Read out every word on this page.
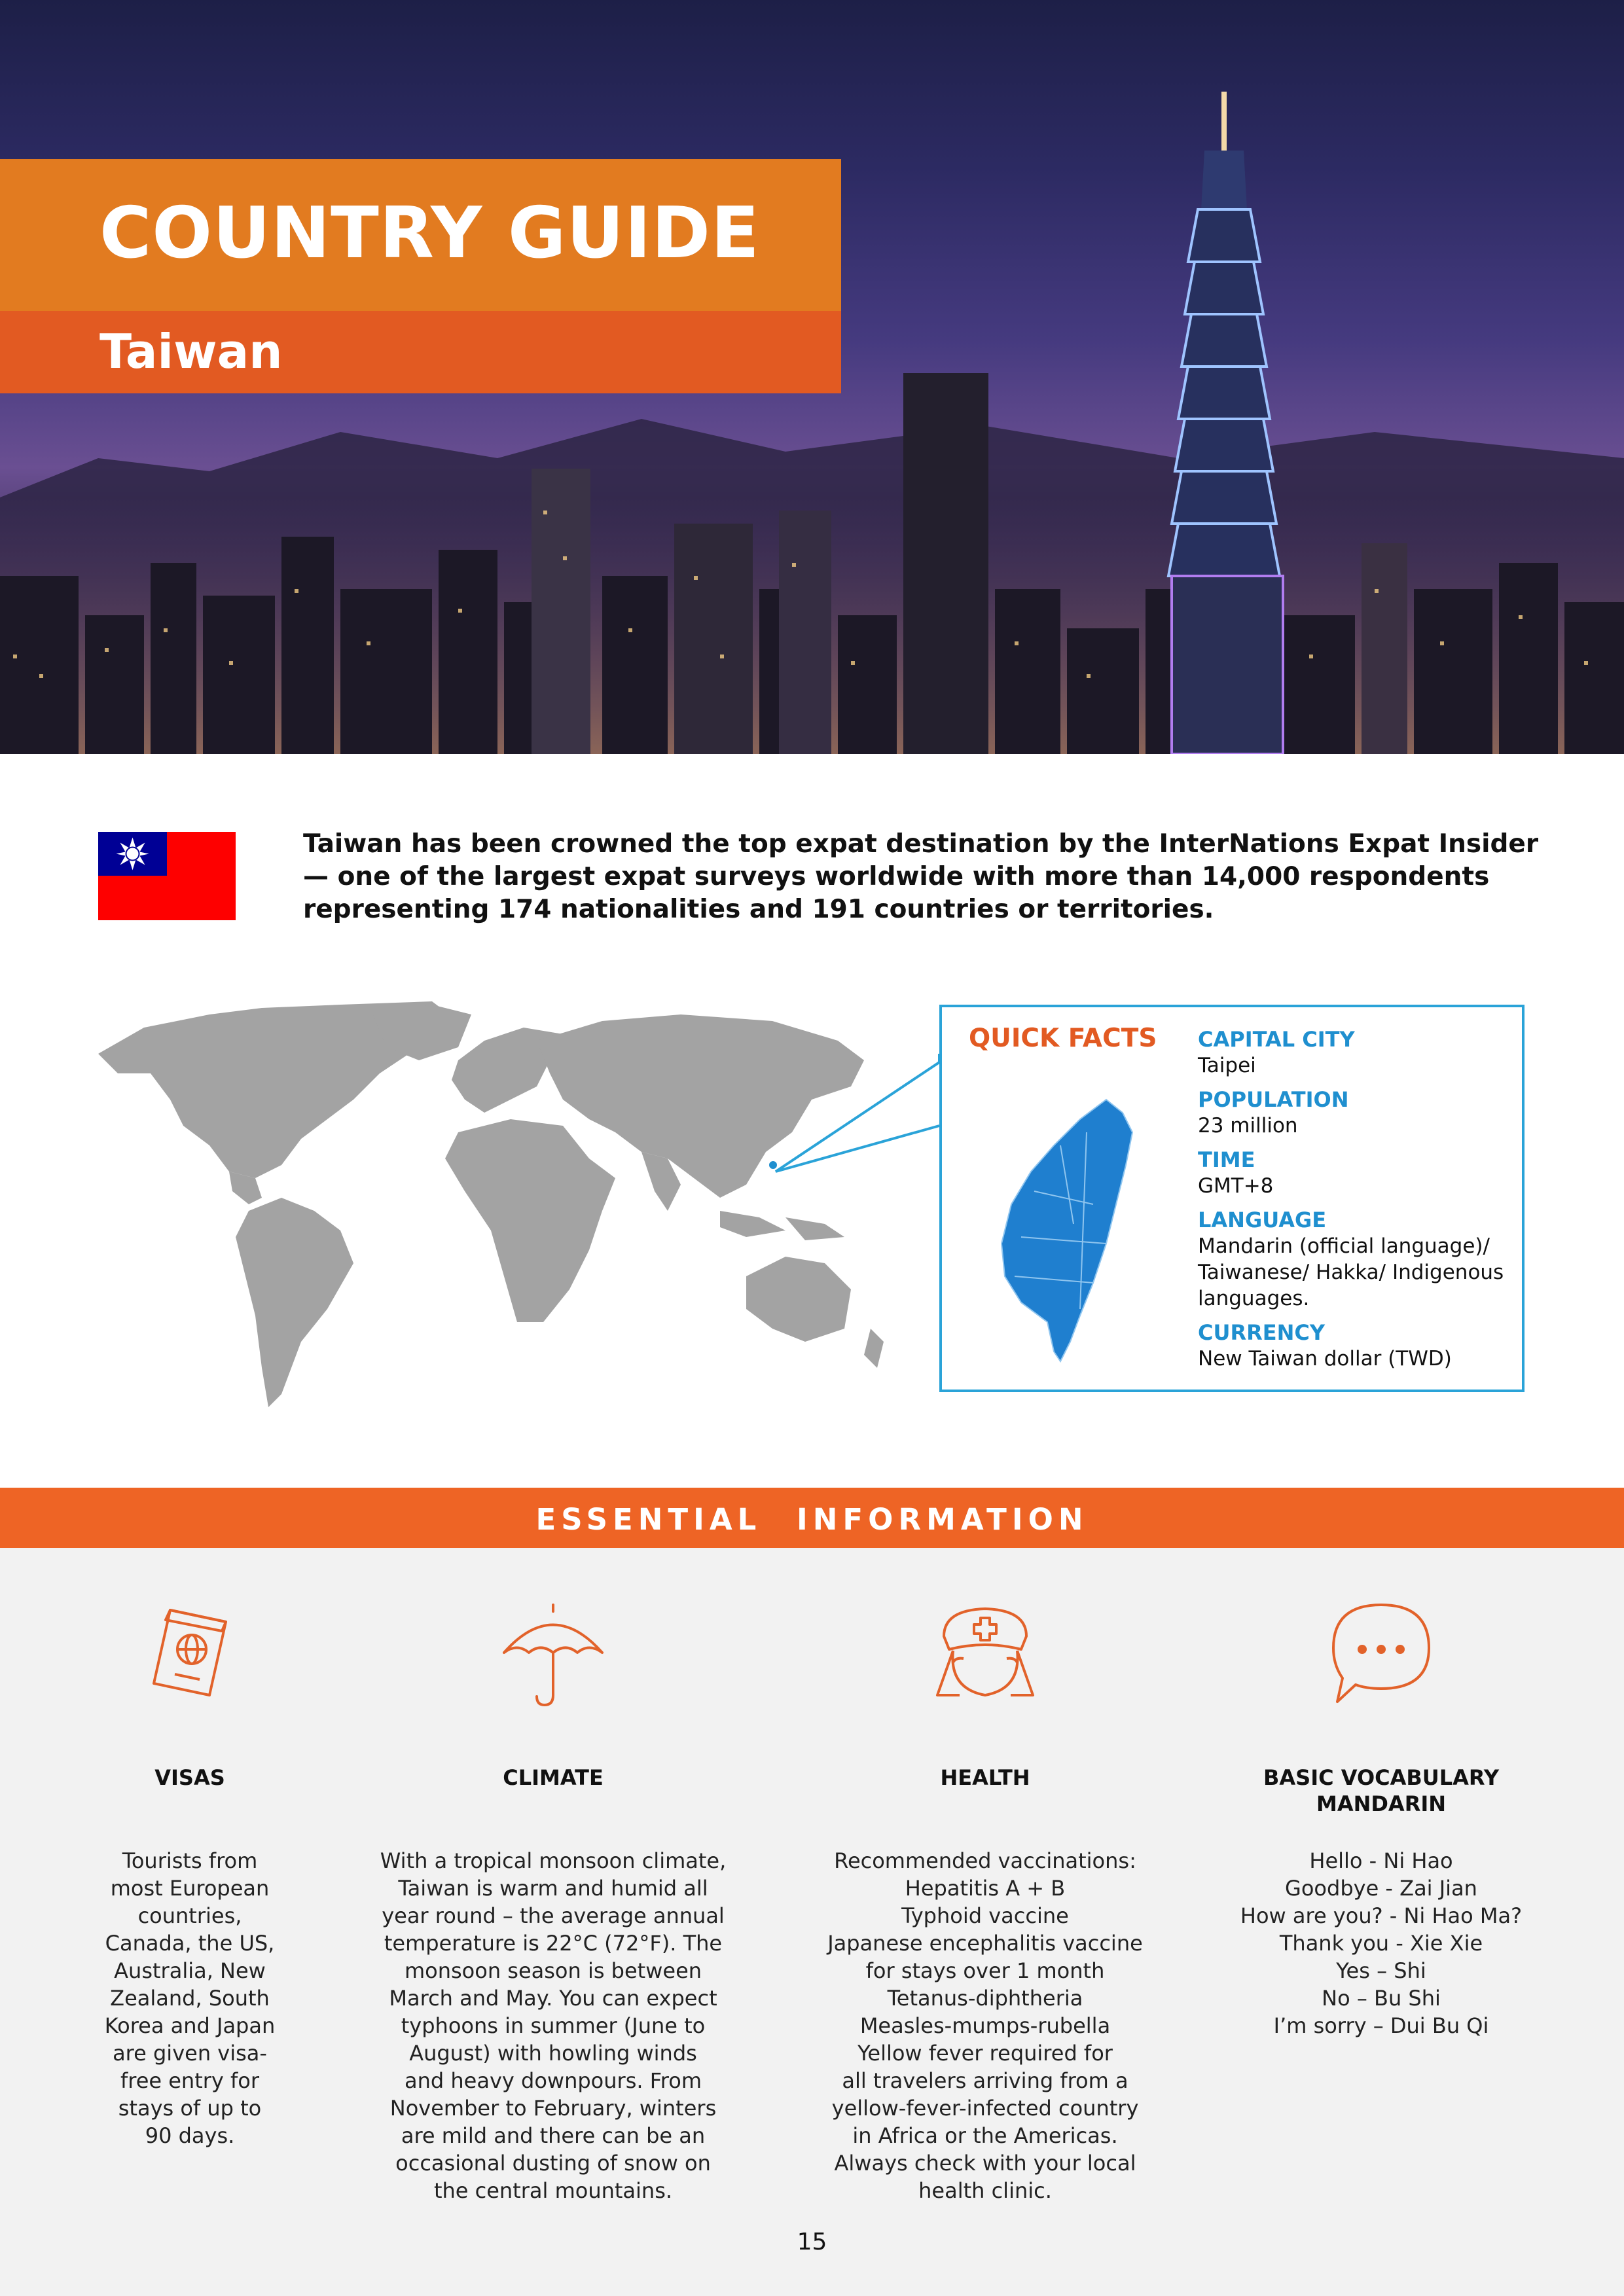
COUNTRY GUIDE
Taiwan

Taiwan has been crowned the top expat destination by the InterNations Expat Insider — one of the largest expat surveys worldwide with more than 14,000 respondents representing 174 nationalities and 191 countries or territories.

QUICK FACTS CAPITAL CITY

Taipei

POPULATION

23 million

TIME

GMT+8

LANGUAGE

Mandarin (official language)/ Taiwanese/ Hakka/ Indigenous languages.

CURRENCY

New Taiwan dollar (TWD)

ESSENTIAL INFORMATION
VISAS

Tourists from
most European
countries,
Canada, the US,
Australia, New
Zealand, South
Korea and Japan
are given visa-
free entry for
stays of up to
90 days.

CLIMATE

With a tropical monsoon climate,
Taiwan is warm and humid all
year round – the average annual
temperature is 22°C (72°F). The
monsoon season is between
March and May. You can expect
typhoons in summer (June to
August) with howling winds
and heavy downpours. From
November to February, winters
are mild and there can be an
occasional dusting of snow on
the central mountains.

HEALTH

Recommended vaccinations:
Hepatitis A + B
Typhoid vaccine
Japanese encephalitis vaccine
for stays over 1 month
Tetanus-diphtheria
Measles-mumps-rubella
Yellow fever required for
all travelers arriving from a
yellow-fever-infected country
in Africa or the Americas.
Always check with your local
health clinic.

BASIC VOCABULARY
MANDARIN

Hello - Ni Hao
Goodbye - Zai Jian
How are you? - Ni Hao Ma?
Thank you - Xie Xie
Yes – Shi
No – Bu Shi
I’m sorry – Dui Bu Qi

15
